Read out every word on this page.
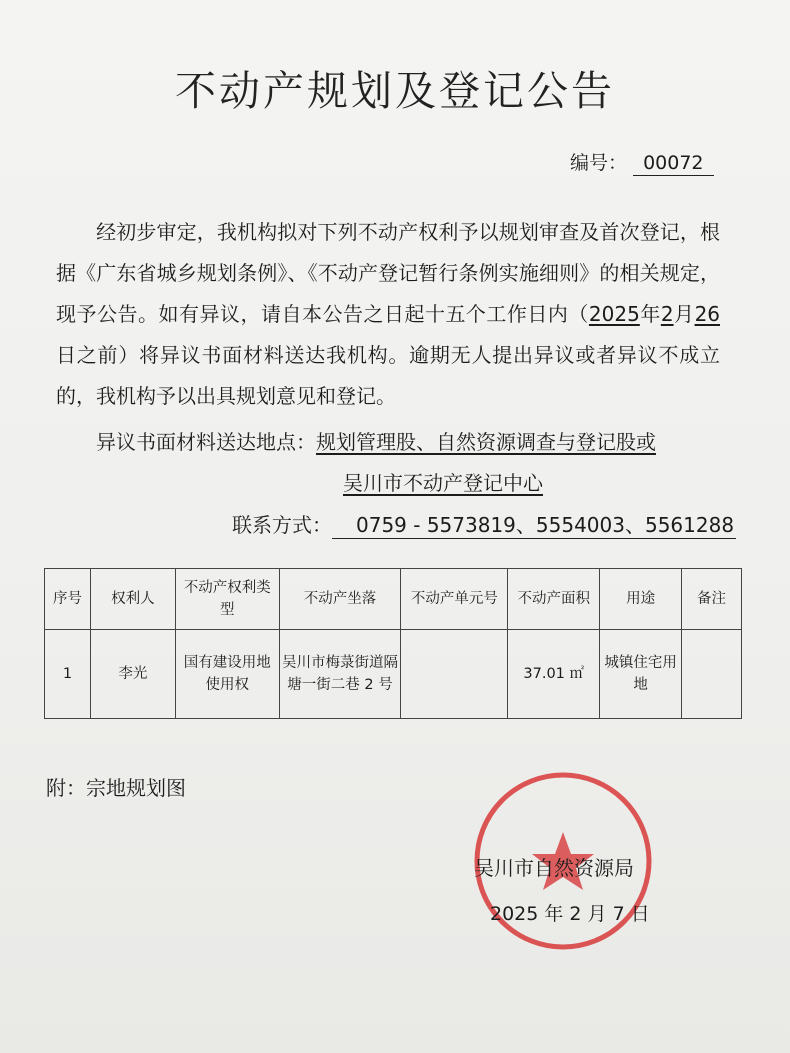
不动产规划及登记公告
编号： 00072
经初步审定，我机构拟对下列不动产权利予以规划审查及首次登记，根据《广东省城乡规划条例》、《不动产登记暂行条例实施细则》的相关规定，现予公告。如有异议，请自本公告之日起十五个工作日内（2025年2月26日之前）将异议书面材料送达我机构。逾期无人提出异议或者异议不成立的，我机构予以出具规划意见和登记。
异议书面材料送达地点：规划管理股、自然资源调查与登记股或
吴川市不动产登记中心
联系方式： 0759 - 5573819、5554003、5561288
序号	权利人	不动产权利类型	不动产坐落	不动产单元号	不动产面积	用途	备注
1	李光	国有建设用地使用权	吴川市梅菉街道隔塘一街二巷 2 号		37.01 ㎡	城镇住宅用地	
附：宗地规划图
吴川市自然资源局
2025 年 2 月 7 日
